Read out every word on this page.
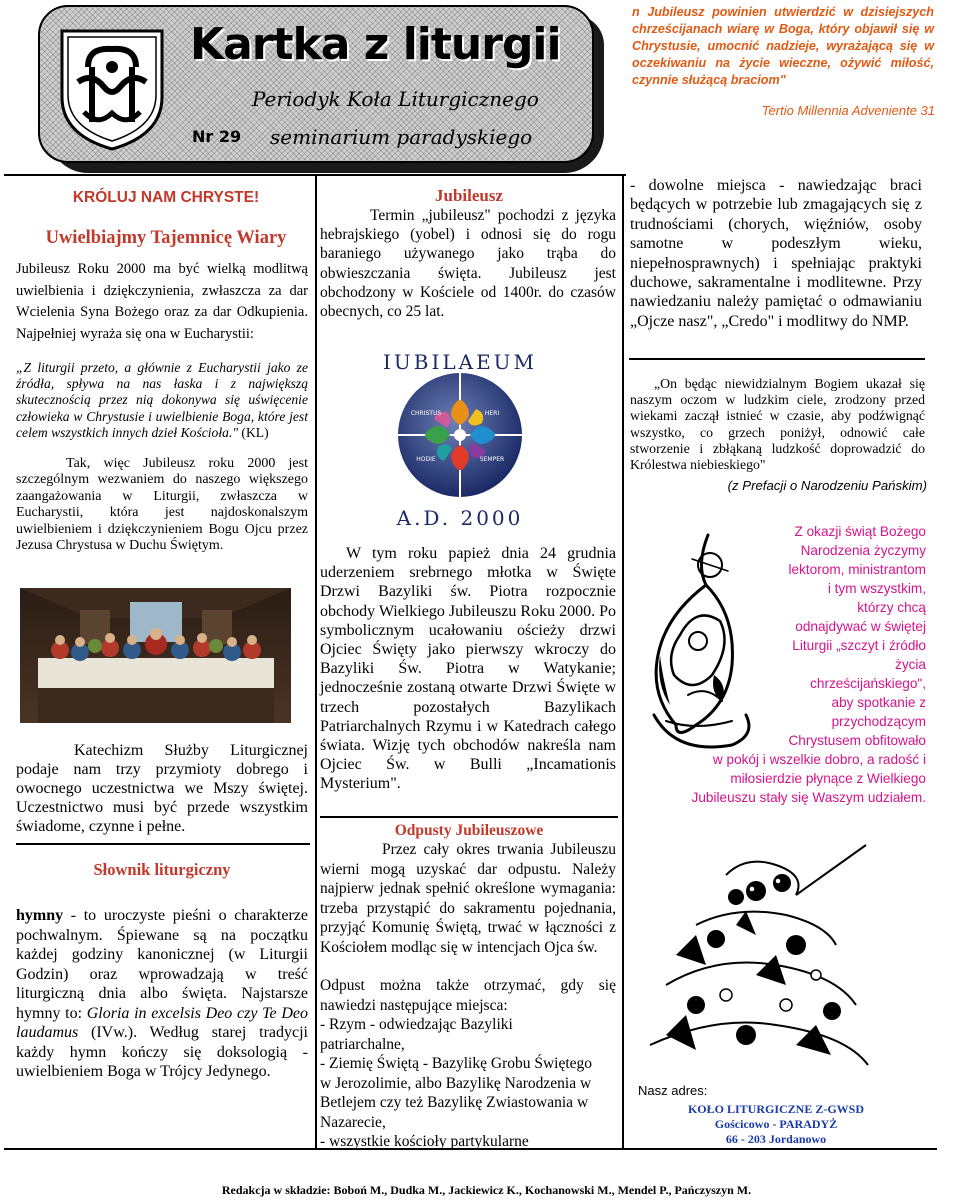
Kartka z liturgii
Periodyk Koła Liturgicznego
Nr 29 seminarium paradyskiego
n Jubileusz powinien utwierdzić w dzisiejszych chrześcijanach wiarę w Boga, który objawił się w Chrystusie, umocnić nadzieje, wyrażającą się w oczekiwaniu na życie wieczne, ożywić miłość, czynnie służącą braciom"
Tertio Millennia Adveniente 31
KRÓLUJ NAM CHRYSTE!
Uwielbiajmy Tajemnicę Wiary
Jubileusz Roku 2000 ma być wielką modlitwą uwielbienia i dziękczynienia, zwłaszcza za dar Wcielenia Syna Bożego oraz za dar Odkupienia. Najpełniej wyraża się ona w Eucharystii:
„Z liturgii przeto, a głównie z Eucharystii jako ze źródła, spływa na nas łaska i z największą skutecznością przez nią dokonywa się uświęcenie człowieka w Chrystusie i uwielbienie Boga, które jest celem wszystkich innych dzieł Kościoła." (KL)
Tak, więc Jubileusz roku 2000 jest szczególnym wezwaniem do naszego większego zaangażowania w Liturgii, zwłaszcza w Eucharystii, która jest najdoskonalszym uwielbieniem i dziękczynieniem Bogu Ojcu przez Jezusa Chrystusa w Duchu Świętym.
Katechizm Służby Liturgicznej podaje nam trzy przymioty dobrego i owocnego uczestnictwa we Mszy świętej. Uczestnictwo musi być przede wszystkim świadome, czynne i pełne.
Słownik liturgiczny
hymny - to uroczyste pieśni o charakterze pochwalnym. Śpiewane są na początku każdej godziny kanonicznej (w Liturgii Godzin) oraz wprowadzają w treść liturgiczną dnia albo święta. Najstarsze hymny to: Gloria in excelsis Deo czy Te Deo laudamus (IVw.). Według starej tradycji każdy hymn kończy się doksologią - uwielbieniem Boga w Trójcy Jedynego.
Jubileusz
Termin „jubileusz" pochodzi z języka hebrajskiego (yobel) i odnosi się do rogu baraniego używanego jako trąba do obwieszczania święta. Jubileusz jest obchodzony w Kościele od 1400r. do czasów obecnych, co 25 lat.
IUBILAEUM
CHRISTUS	HERI
HODIE	SEMPER
A.D. 2000
W tym roku papież dnia 24 grudnia uderzeniem srebrnego młotka w Święte Drzwi Bazyliki św. Piotra rozpocznie obchody Wielkiego Jubileuszu Roku 2000. Po symbolicznym ucałowaniu ościeży drzwi Ojciec Święty jako pierwszy wkroczy do Bazyliki Św. Piotra w Watykanie; jednocześnie zostaną otwarte Drzwi Święte w trzech pozostałych Bazylikach Patriarchalnych Rzymu i w Katedrach całego świata. Wizję tych obchodów nakreśla nam Ojciec Św. w Bulli „Incamationis Mysterium".
Odpusty Jubileuszowe
Przez cały okres trwania Jubileuszu wierni mogą uzyskać dar odpustu. Należy najpierw jednak spełnić określone wymagania: trzeba przystąpić do sakramentu pojednania, przyjąć Komunię Świętą, trwać w łączności z Kościołem modląc się w intencjach Ojca św.
Odpust można także otrzymać, gdy się nawiedzi następujące miejsca:
- Rzym - odwiedzając Bazyliki patriarchalne,
- Ziemię Świętą - Bazylikę Grobu Świętego w Jerozolimie, albo Bazylikę Narodzenia w Betlejem czy też Bazylikę Zwiastowania w Nazarecie,
- wszystkie kościoły partykularne
- dowolne miejsca - nawiedzając braci będących w potrzebie lub zmagających się z trudnościami (chorych, więźniów, osoby samotne w podeszłym wieku, niepełnosprawnych) i spełniając praktyki duchowe, sakramentalne i modlitewne. Przy nawiedzaniu należy pamiętać o odmawianiu „Ojcze nasz", „Credo" i modlitwy do NMP.
„On będąc niewidzialnym Bogiem ukazał się naszym oczom w ludzkim ciele, zrodzony przed wiekami zaczął istnieć w czasie, aby podźwignąć wszystko, co grzech poniżył, odnowić całe stworzenie i zbłąkaną ludzkość doprowadzić do Królestwa niebieskiego"
(z Prefacji o Narodzeniu Pańskim)
Z okazji świąt Bożego
Narodzenia życzymy
lektorom, ministrantom
i tym wszystkim,
którzy chcą
odnajdywać w świętej
Liturgii „szczyt i źródło
życia
chrześcijańskiego",
aby spotkanie z
przychodzącym
Chrystusem obfitowało
w pokój i wszelkie dobro, a radość i
miłosierdzie płynące z Wielkiego
Jubileuszu stały się Waszym udziałem.
Nasz adres:
KOŁO LITURGICZNE Z-GWSD
Gościcowo - PARADYŻ
66 - 203 Jordanowo
Redakcja w składzie: Boboń M., Dudka M., Jackiewicz K., Kochanowski M., Mendel P., Pańczyszyn M.
